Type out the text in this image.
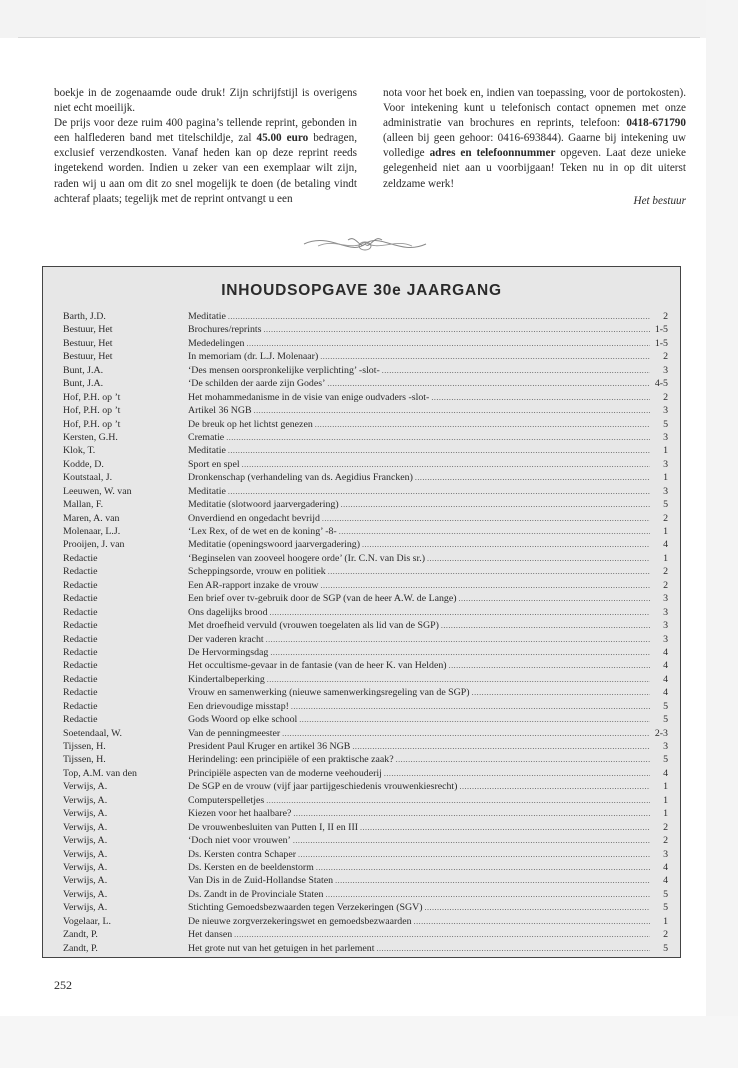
boekje in de zogenaamde oude druk! Zijn schrijfstijl is overigens niet echt moeilijk.

De prijs voor deze ruim 400 pagina’s tellende reprint, gebonden in een halflederen band met titelschildje, zal 45.00 euro bedragen, exclusief verzendkosten. Vanaf heden kan op deze reprint reeds ingetekend worden. Indien u zeker van een exemplaar wilt zijn, raden wij u aan om dit zo snel mogelijk te doen (de betaling vindt achteraf plaats; tegelijk met de reprint ontvangt u een

nota voor het boek en, indien van toepassing, voor de portokosten). Voor intekening kunt u telefonisch contact opnemen met onze administratie van brochures en reprints, telefoon: 0418-671790 (alleen bij geen gehoor: 0416-693844). Gaarne bij intekening uw volledige adres en telefoonnummer opgeven. Laat deze unieke gelegenheid niet aan u voorbijgaan! Teken nu in op dit uiterst zeldzame werk!

Het bestuur

INHOUDSOPGAVE 30e JAARGANG
Barth, J.D.	Meditatie .....	2
Bestuur, Het	Brochures/reprints .....	1-5
Bestuur, Het	Mededelingen .....	1-5
Bestuur, Het	In memoriam (dr. L.J. Molenaar) .....	2
Bunt, J.A.	‘Des mensen oorspronkelijke verplichting’ -slot- .....	3
Bunt, J.A.	‘De schilden der aarde zijn Godes’ .....	4-5
Hof, P.H. op ’t	Het mohammedanisme in de visie van enige oudvaders -slot- .....	2
Hof, P.H. op ’t	Artikel 36 NGB .....	3
Hof, P.H. op ’t	De breuk op het lichtst genezen .....	5
Kersten, G.H.	Crematie .....	3
Klok, T.	Meditatie .....	1
Kodde, D.	Sport en spel .....	3
Koutstaal, J.	Dronkenschap (verhandeling van ds. Aegidius Francken) .....	1
Leeuwen, W. van	Meditatie .....	3
Mallan, F.	Meditatie (slotwoord jaarvergadering) .....	5
Maren, A. van	Onverdiend en ongedacht bevrijd .....	2
Molenaar, L.J.	‘Lex Rex, of de wet en de koning’ -8- .....	1
Prooijen, J. van	Meditatie (openingswoord jaarvergadering) .....	4
Redactie	‘Beginselen van zooveel hoogere orde’ (Ir. C.N. van Dis sr.) .....	1
Redactie	Scheppingsorde, vrouw en politiek .....	2
Redactie	Een AR-rapport inzake de vrouw .....	2
Redactie	Een brief over tv-gebruik door de SGP (van de heer A.W. de Lange) .....	3
Redactie	Ons dagelijks brood .....	3
Redactie	Met droefheid vervuld (vrouwen toegelaten als lid van de SGP) .....	3
Redactie	Der vaderen kracht .....	3
Redactie	De Hervormingsdag .....	4
Redactie	Het occultisme-gevaar in de fantasie (van de heer K. van Helden) .....	4
Redactie	Kindertalbeperking .....	4
Redactie	Vrouw en samenwerking (nieuwe samenwerkingsregeling van de SGP) .....	4
Redactie	Een drievoudige misstap! .....	5
Redactie	Gods Woord op elke school .....	5
Soetendaal, W.	Van de penningmeester .....	2-3
Tijssen, H.	President Paul Kruger en artikel 36 NGB .....	3
Tijssen, H.	Herindeling: een principiële of een praktische zaak? .....	5
Top, A.M. van den	Principiële aspecten van de moderne veehouderij .....	4
Verwijs, A.	De SGP en de vrouw (vijf jaar partijgeschiedenis vrouwenkiesrecht) .....	1
Verwijs, A.	Computerspelletjes .....	1
Verwijs, A.	Kiezen voor het haalbare? .....	1
Verwijs, A.	De vrouwenbesluiten van Putten I, II en III .....	2
Verwijs, A.	‘Doch niet voor vrouwen’ .....	2
Verwijs, A.	Ds. Kersten contra Schaper .....	3
Verwijs, A.	Ds. Kersten en de beeldenstorm .....	4
Verwijs, A.	Van Dis in de Zuid-Hollandse Staten .....	4
Verwijs, A.	Ds. Zandt in de Provinciale Staten .....	5
Verwijs, A.	Stichting Gemoedsbezwaarden tegen Verzekeringen (SGV) .....	5
Vogelaar, L.	De nieuwe zorgverzekeringswet en gemoedsbezwaarden .....	1
Zandt, P.	Het dansen .....	2
Zandt, P.	Het grote nut van het getuigen in het parlement .....	5
252
